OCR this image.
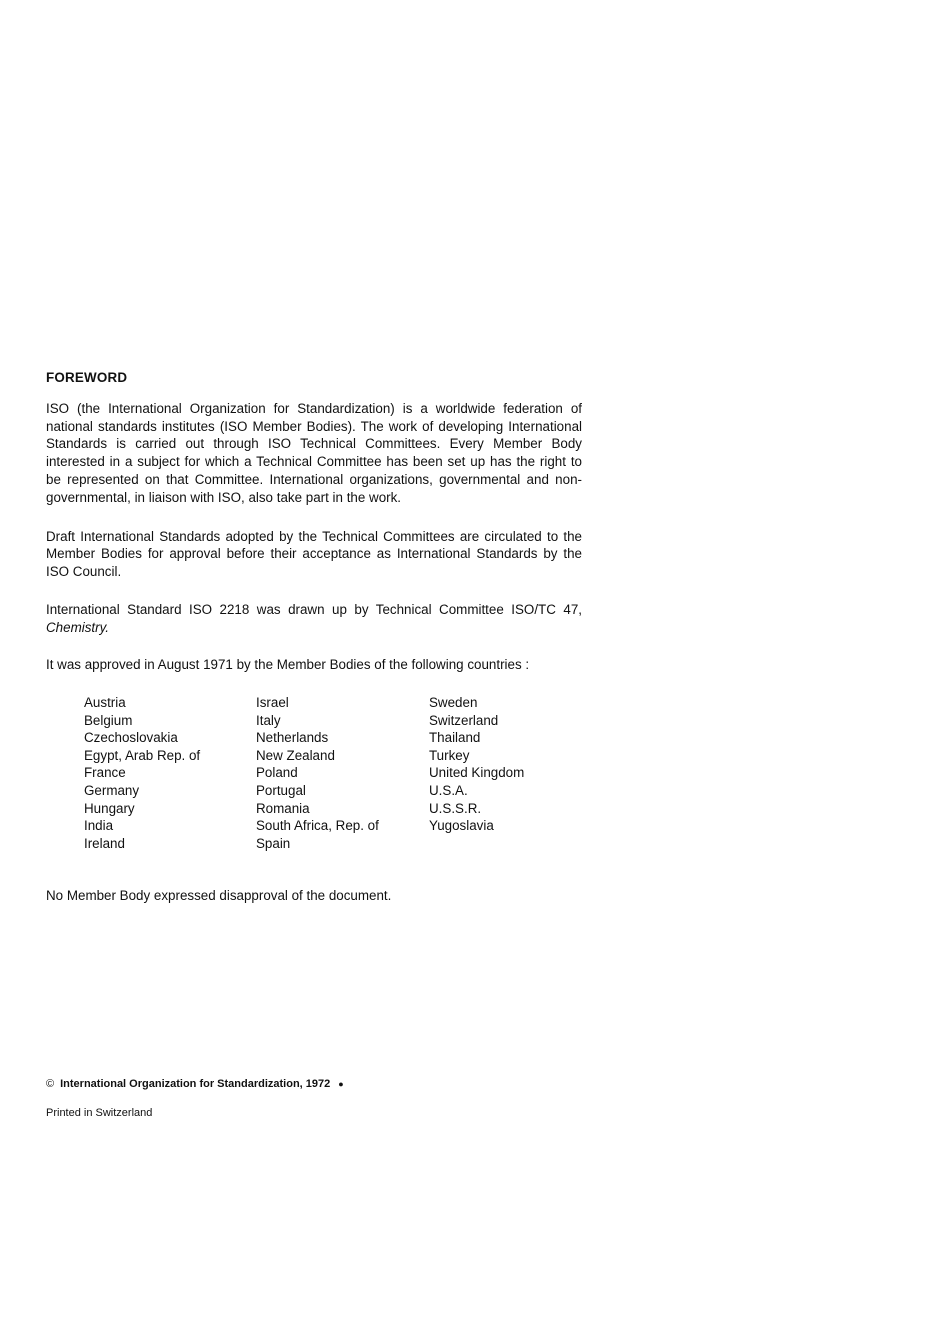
FOREWORD

ISO (the International Organization for Standardization) is a worldwide federation of national standards institutes (ISO Member Bodies). The work of developing International Standards is carried out through ISO Technical Committees. Every Member Body interested in a subject for which a Technical Committee has been set up has the right to be represented on that Committee. International organizations, governmental and non-governmental, in liaison with ISO, also take part in the work.

Draft International Standards adopted by the Technical Committees are circulated to the Member Bodies for approval before their acceptance as International Standards by the ISO Council.

International Standard ISO 2218 was drawn up by Technical Committee ISO/TC 47, Chemistry.

It was approved in August 1971 by the Member Bodies of the following countries :

Austria
Belgium
Czechoslovakia
Egypt, Arab Rep. of
France
Germany
Hungary
India
Ireland
Israel
Italy
Netherlands
New Zealand
Poland
Portugal
Romania
South Africa, Rep. of
Spain
Sweden
Switzerland
Thailand
Turkey
United Kingdom
U.S.A.
U.S.S.R.
Yugoslavia

No Member Body expressed disapproval of the document.

© International Organization for Standardization, 1972 ●
Printed in Switzerland
